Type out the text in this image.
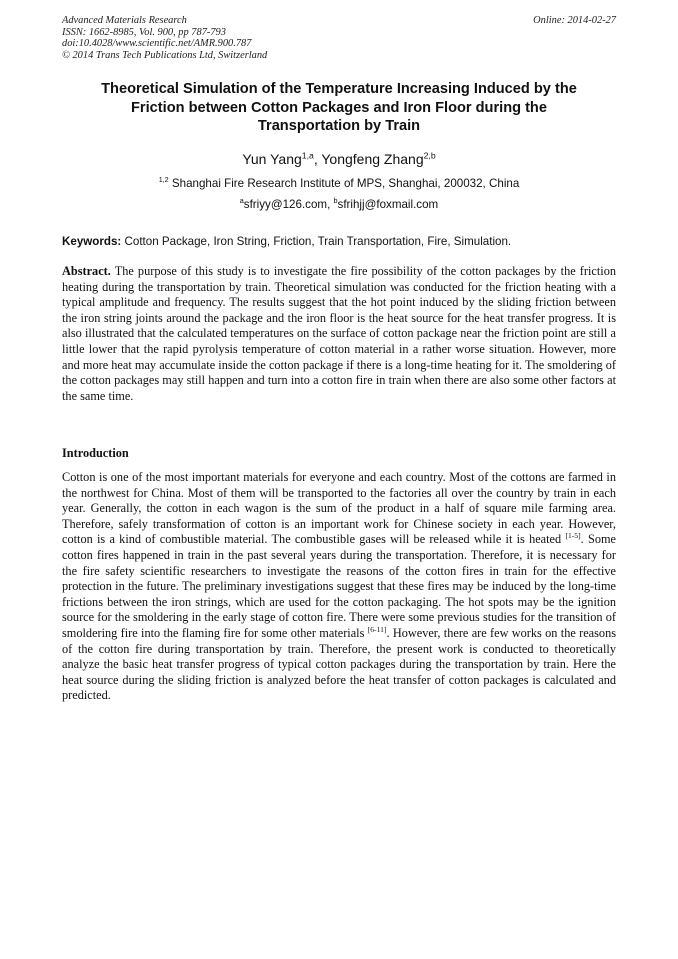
Advanced Materials Research
ISSN: 1662-8985, Vol. 900, pp 787-793
doi:10.4028/www.scientific.net/AMR.900.787
© 2014 Trans Tech Publications Ltd, Switzerland
Online: 2014-02-27
Theoretical Simulation of the Temperature Increasing Induced by the
Friction between Cotton Packages and Iron Floor during the
Transportation by Train
Yun Yang$^{1,a}$, Yongfeng Zhang$^{2,b}$
$^{1,2}$ Shanghai Fire Research Institute of MPS, Shanghai, 200032, China
$^a$sfriyy@126.com, $^b$sfrihjj@foxmail.com
Keywords: Cotton Package, Iron String, Friction, Train Transportation, Fire, Simulation.
Abstract. The purpose of this study is to investigate the fire possibility of the cotton packages by the friction heating during the transportation by train. Theoretical simulation was conducted for the friction heating with a typical amplitude and frequency. The results suggest that the hot point induced by the sliding friction between the iron string joints around the package and the iron floor is the heat source for the heat transfer progress. It is also illustrated that the calculated temperatures on the surface of cotton package near the friction point are still a little lower that the rapid pyrolysis temperature of cotton material in a rather worse situation. However, more and more heat may accumulate inside the cotton package if there is a long-time heating for it. The smoldering of the cotton packages may still happen and turn into a cotton fire in train when there are also some other factors at the same time.
Introduction
Cotton is one of the most important materials for everyone and each country. Most of the cottons are farmed in the northwest for China. Most of them will be transported to the factories all over the country by train in each year. Generally, the cotton in each wagon is the sum of the product in a half of square mile farming area. Therefore, safely transformation of cotton is an important work for Chinese society in each year. However, cotton is a kind of combustible material. The combustible gases will be released while it is heated [1-5]. Some cotton fires happened in train in the past several years during the transportation. Therefore, it is necessary for the fire safety scientific researchers to investigate the reasons of the cotton fires in train for the effective protection in the future. The preliminary investigations suggest that these fires may be induced by the long-time frictions between the iron strings, which are used for the cotton packaging. The hot spots may be the ignition source for the smoldering in the early stage of cotton fire. There were some previous studies for the transition of smoldering fire into the flaming fire for some other materials [6-11]. However, there are few works on the reasons of the cotton fire during transportation by train. Therefore, the present work is conducted to theoretically analyze the basic heat transfer progress of typical cotton packages during the transportation by train. Here the heat source during the sliding friction is analyzed before the heat transfer of cotton packages is calculated and predicted.
